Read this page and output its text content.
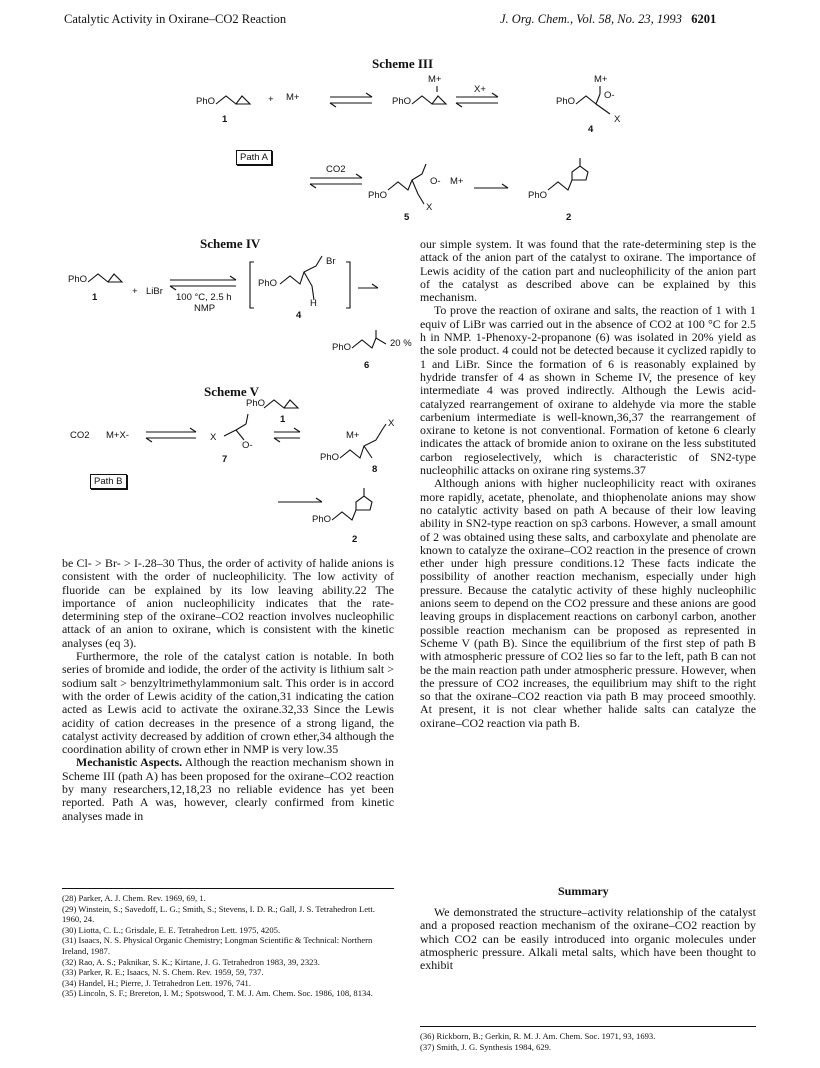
Catalytic Activity in Oxirane–CO2 Reaction	J. Org. Chem., Vol. 58, No. 23, 1993 6201
Scheme III
PhO
1
+ M+	PhO
M+
X+
M+
PhO
O-
X
4
Path A
CO2
PhO
O- M+
X
5
PhO
2
Scheme IV
PhO
1
+ LiBr
100 °C, 2.5 h
NMP
PhO
Br
H
4
PhO	20 %
6
Scheme V
CO2 M+X-	X
O-
7
PhO
1
M+
X
PhO
8
Path B
PhO
2

be Cl- > Br- > I-.28–30 Thus, the order of activity of halide anions is consistent with the order of nucleophilicity. The low activity of fluoride can be explained by its low leaving ability.22 The importance of anion nucleophilicity indicates that the rate-determining step of the oxirane–CO2 reaction involves nucleophilic attack of an anion to oxirane, which is consistent with the kinetic analyses (eq 3).

Furthermore, the role of the catalyst cation is notable. In both series of bromide and iodide, the order of the activity is lithium salt > sodium salt > benzyltrimethylammonium salt. This order is in accord with the order of Lewis acidity of the cation,31 indicating the cation acted as Lewis acid to activate the oxirane.32,33 Since the Lewis acidity of cation decreases in the presence of a strong ligand, the catalyst activity decreased by addition of crown ether,34 although the coordination ability of crown ether in NMP is very low.35

Mechanistic Aspects. Although the reaction mechanism shown in Scheme III (path A) has been proposed for the oxirane–CO2 reaction by many researchers,12,18,23 no reliable evidence has yet been reported. Path A was, however, clearly confirmed from kinetic analyses made in

our simple system. It was found that the rate-determining step is the attack of the anion part of the catalyst to oxirane. The importance of Lewis acidity of the cation part and nucleophilicity of the anion part of the catalyst as described above can be explained by this mechanism.

To prove the reaction of oxirane and salts, the reaction of 1 with 1 equiv of LiBr was carried out in the absence of CO2 at 100 °C for 2.5 h in NMP. 1-Phenoxy-2-propanone (6) was isolated in 20% yield as the sole product. 4 could not be detected because it cyclized rapidly to 1 and LiBr. Since the formation of 6 is reasonably explained by hydride transfer of 4 as shown in Scheme IV, the presence of key intermediate 4 was proved indirectly. Although the Lewis acid-catalyzed rearrangement of oxirane to aldehyde via more the stable carbenium intermediate is well-known,36,37 the rearrangement of oxirane to ketone is not conventional. Formation of ketone 6 clearly indicates the attack of bromide anion to oxirane on the less substituted carbon regioselectively, which is characteristic of SN2-type nucleophilic attacks on oxirane ring systems.37

Although anions with higher nucleophilicity react with oxiranes more rapidly, acetate, phenolate, and thiophenolate anions may show no catalytic activity based on path A because of their low leaving ability in SN2-type reaction on sp3 carbons. However, a small amount of 2 was obtained using these salts, and carboxylate and phenolate are known to catalyze the oxirane–CO2 reaction in the presence of crown ether under high pressure conditions.12 These facts indicate the possibility of another reaction mechanism, especially under high pressure. Because the catalytic activity of these highly nucleophilic anions seem to depend on the CO2 pressure and these anions are good leaving groups in displacement reactions on carbonyl carbon, another possible reaction mechanism can be proposed as represented in Scheme V (path B). Since the equilibrium of the first step of path B with atmospheric pressure of CO2 lies so far to the left, path B can not be the main reaction path under atmospheric pressure. However, when the pressure of CO2 increases, the equilibrium may shift to the right so that the oxirane–CO2 reaction via path B may proceed smoothly. At present, it is not clear whether halide salts can catalyze the oxirane–CO2 reaction via path B.

Summary

We demonstrated the structure–activity relationship of the catalyst and a proposed reaction mechanism of the oxirane–CO2 reaction by which CO2 can be easily introduced into organic molecules under atmospheric pressure. Alkali metal salts, which have been thought to exhibit

(28) Parker, A. J. Chem. Rev. 1969, 69, 1.
(29) Winstein, S.; Savedoff, L. G.; Smith, S.; Stevens, I. D. R.; Gall, J. S. Tetrahedron Lett. 1960, 24.
(30) Liotta, C. L.; Grisdale, E. E. Tetrahedron Lett. 1975, 4205.
(31) Isaacs, N. S. Physical Organic Chemistry; Longman Scientific & Technical: Northern Ireland, 1987.
(32) Rao, A. S.; Paknikar, S. K.; Kirtane, J. G. Tetrahedron 1983, 39, 2323.
(33) Parker, R. E.; Isaacs, N. S. Chem. Rev. 1959, 59, 737.
(34) Handel, H.; Pierre, J. Tetrahedron Lett. 1976, 741.
(35) Lincoln, S. F.; Brereton, I. M.; Spotswood, T. M. J. Am. Chem. Soc. 1986, 108, 8134.
(36) Rickborn, B.; Gerkin, R. M. J. Am. Chem. Soc. 1971, 93, 1693.
(37) Smith, J. G. Synthesis 1984, 629.
